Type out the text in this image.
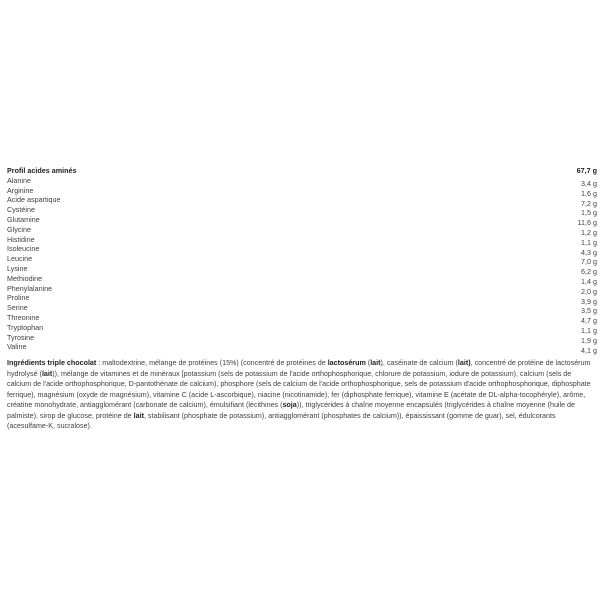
Profil acides aminés	67,7 g
Alanine
Arginine
Acide aspartique
Cystéine
Glutamine
Glycine
Histidine
Isoleucine
Leucine
Lysine
Methiodine
Phenylalanine
Proline
Serine
Threonine
Tryptophan
Tyrosine
Valine
3,4 g
1,6 g
7,2 g
1,5 g
11,6 g
1,2 g
1,1 g
4,3 g
7,0 g
6,2 g
1,4 g
2,0 g
3,9 g
3,5 g
4,7 g
1,1 g
1,9 g
4,1 g
Ingrédients triple chocolat : maltodextrine, mélange de protéines (15%) (concentré de protéines de lactosérum (lait), caséinate de calcium (lait), concentré de protéine de lactosérum hydrolysé (lait)), mélange de vitamines et de minéraux [potassium (sels de potassium de l'acide orthophosphorique, chlorure de potassium, iodure de potassium), calcium (sels de calcium de l'acide orthophosphorique, D-pantothénate de calcium), phosphore (sels de calcium de l'acide orthophosphorique, sels de potassium d'acide orthophosphorique, diphosphate ferrique), magnésium (oxyde de magnésium), vitamine C (acide L-ascorbique), niacine (nicotinamide), fer (diphosphate ferrique), vitamine E (acétate de DL-alpha-tocophéryle), arôme, créatine monohydrate, antiagglomérant (carbonate de calcium), émulsifiant (lécithines (soja)), triglycérides à chaîne moyenne encapsulés (triglycérides à chaîne moyenne (huile de palmiste), sirop de glucose, protéine de lait, stabilisant (phosphate de potassium), antiagglomérant (phosphates de calcium)), épaississant (gomme de guar), sel, édulcorants (acesulfame-K, sucralose).
